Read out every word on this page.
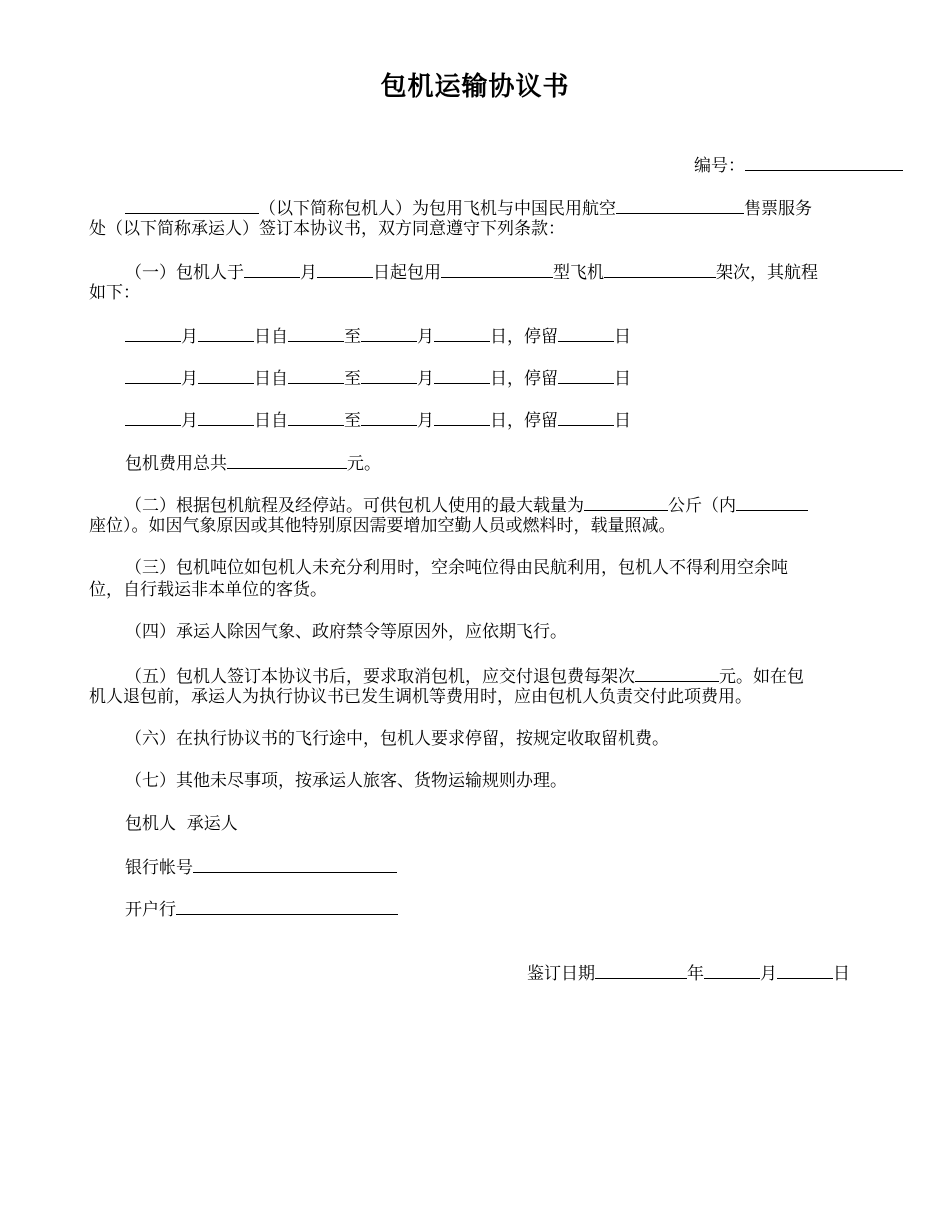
包机运输协议书
编号：
（以下简称包机人）为包用飞机与中国民用航空	售票服务
处（以下简称承运人）签订本协议书，双方同意遵守下列条款：
（一）包机人于	月	日起包用	型飞机	架次，其航程
如下：
月	日自	至	月	日，停留	日
月	日自	至	月	日，停留	日
月	日自	至	月	日，停留	日
包机费用总共	元。
（二）根据包机航程及经停站。可供包机人使用的最大载量为	公斤（内
座位）。如因气象原因或其他特别原因需要增加空勤人员或燃料时，载量照减。
（三）包机吨位如包机人未充分利用时，空余吨位得由民航利用，包机人不得利用空余吨
位，自行载运非本单位的客货。
（四）承运人除因气象、政府禁令等原因外，应依期飞行。
（五）包机人签订本协议书后，要求取消包机，应交付退包费每架次	元。如在包
机人退包前，承运人为执行协议书已发生调机等费用时，应由包机人负责交付此项费用。
（六）在执行协议书的飞行途中，包机人要求停留，按规定收取留机费。
（七）其他未尽事项，按承运人旅客、货物运输规则办理。
包机人  承运人
银行帐号
开户行
鉴订日期	年	月	日
